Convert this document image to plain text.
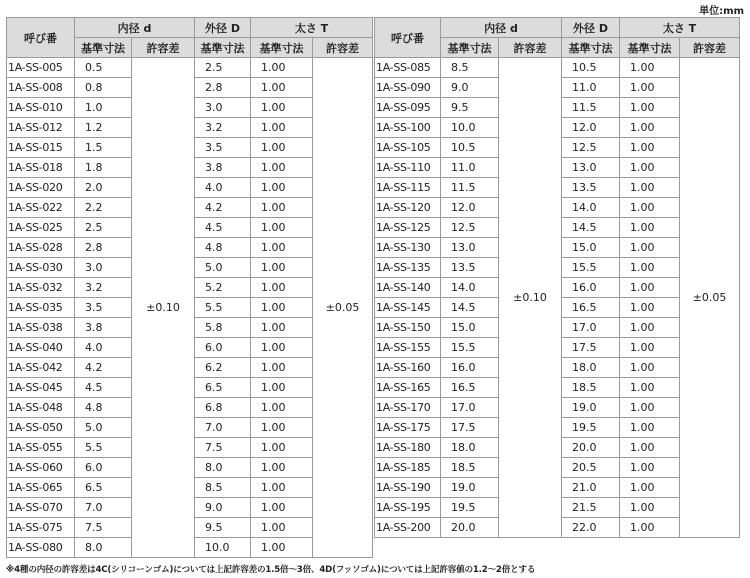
単位:mm
呼び番	内径 d		外径 D	太さ T	
	基準寸法	許容差	基準寸法	基準寸法	許容差
1A-SS-005	0.5	±0.10	2.5	1.00	±0.05
1A-SS-008	0.8		2.8	1.00	
1A-SS-010	1.0		3.0	1.00	
1A-SS-012	1.2		3.2	1.00	
1A-SS-015	1.5		3.5	1.00	
1A-SS-018	1.8		3.8	1.00	
1A-SS-020	2.0		4.0	1.00	
1A-SS-022	2.2		4.2	1.00	
1A-SS-025	2.5		4.5	1.00	
1A-SS-028	2.8		4.8	1.00	
1A-SS-030	3.0		5.0	1.00	
1A-SS-032	3.2		5.2	1.00	
1A-SS-035	3.5		5.5	1.00	
1A-SS-038	3.8		5.8	1.00	
1A-SS-040	4.0		6.0	1.00	
1A-SS-042	4.2		6.2	1.00	
1A-SS-045	4.5		6.5	1.00	
1A-SS-048	4.8		6.8	1.00	
1A-SS-050	5.0		7.0	1.00	
1A-SS-055	5.5		7.5	1.00	
1A-SS-060	6.0		8.0	1.00	
1A-SS-065	6.5		8.5	1.00	
1A-SS-070	7.0		9.0	1.00	
1A-SS-075	7.5		9.5	1.00	
1A-SS-080	8.0		10.0	1.00	
呼び番	内径 d		外径 D	太さ T	
	基準寸法	許容差	基準寸法	基準寸法	許容差
1A-SS-085	8.5	±0.10	10.5	1.00	±0.05
1A-SS-090	9.0		11.0	1.00	
1A-SS-095	9.5		11.5	1.00	
1A-SS-100	10.0		12.0	1.00	
1A-SS-105	10.5		12.5	1.00	
1A-SS-110	11.0		13.0	1.00	
1A-SS-115	11.5		13.5	1.00	
1A-SS-120	12.0		14.0	1.00	
1A-SS-125	12.5		14.5	1.00	
1A-SS-130	13.0		15.0	1.00	
1A-SS-135	13.5		15.5	1.00	
1A-SS-140	14.0		16.0	1.00	
1A-SS-145	14.5		16.5	1.00	
1A-SS-150	15.0		17.0	1.00	
1A-SS-155	15.5		17.5	1.00	
1A-SS-160	16.0		18.0	1.00	
1A-SS-165	16.5		18.5	1.00	
1A-SS-170	17.0		19.0	1.00	
1A-SS-175	17.5		19.5	1.00	
1A-SS-180	18.0		20.0	1.00	
1A-SS-185	18.5		20.5	1.00	
1A-SS-190	19.0		21.0	1.00	
1A-SS-195	19.5		21.5	1.00	
1A-SS-200	20.0		22.0	1.00	
※4種の内径の許容差は4C(シリコーンゴム)については上記許容差の1.5倍〜3倍、4D(フッソゴム)については上記許容値の1.2〜2倍とする
